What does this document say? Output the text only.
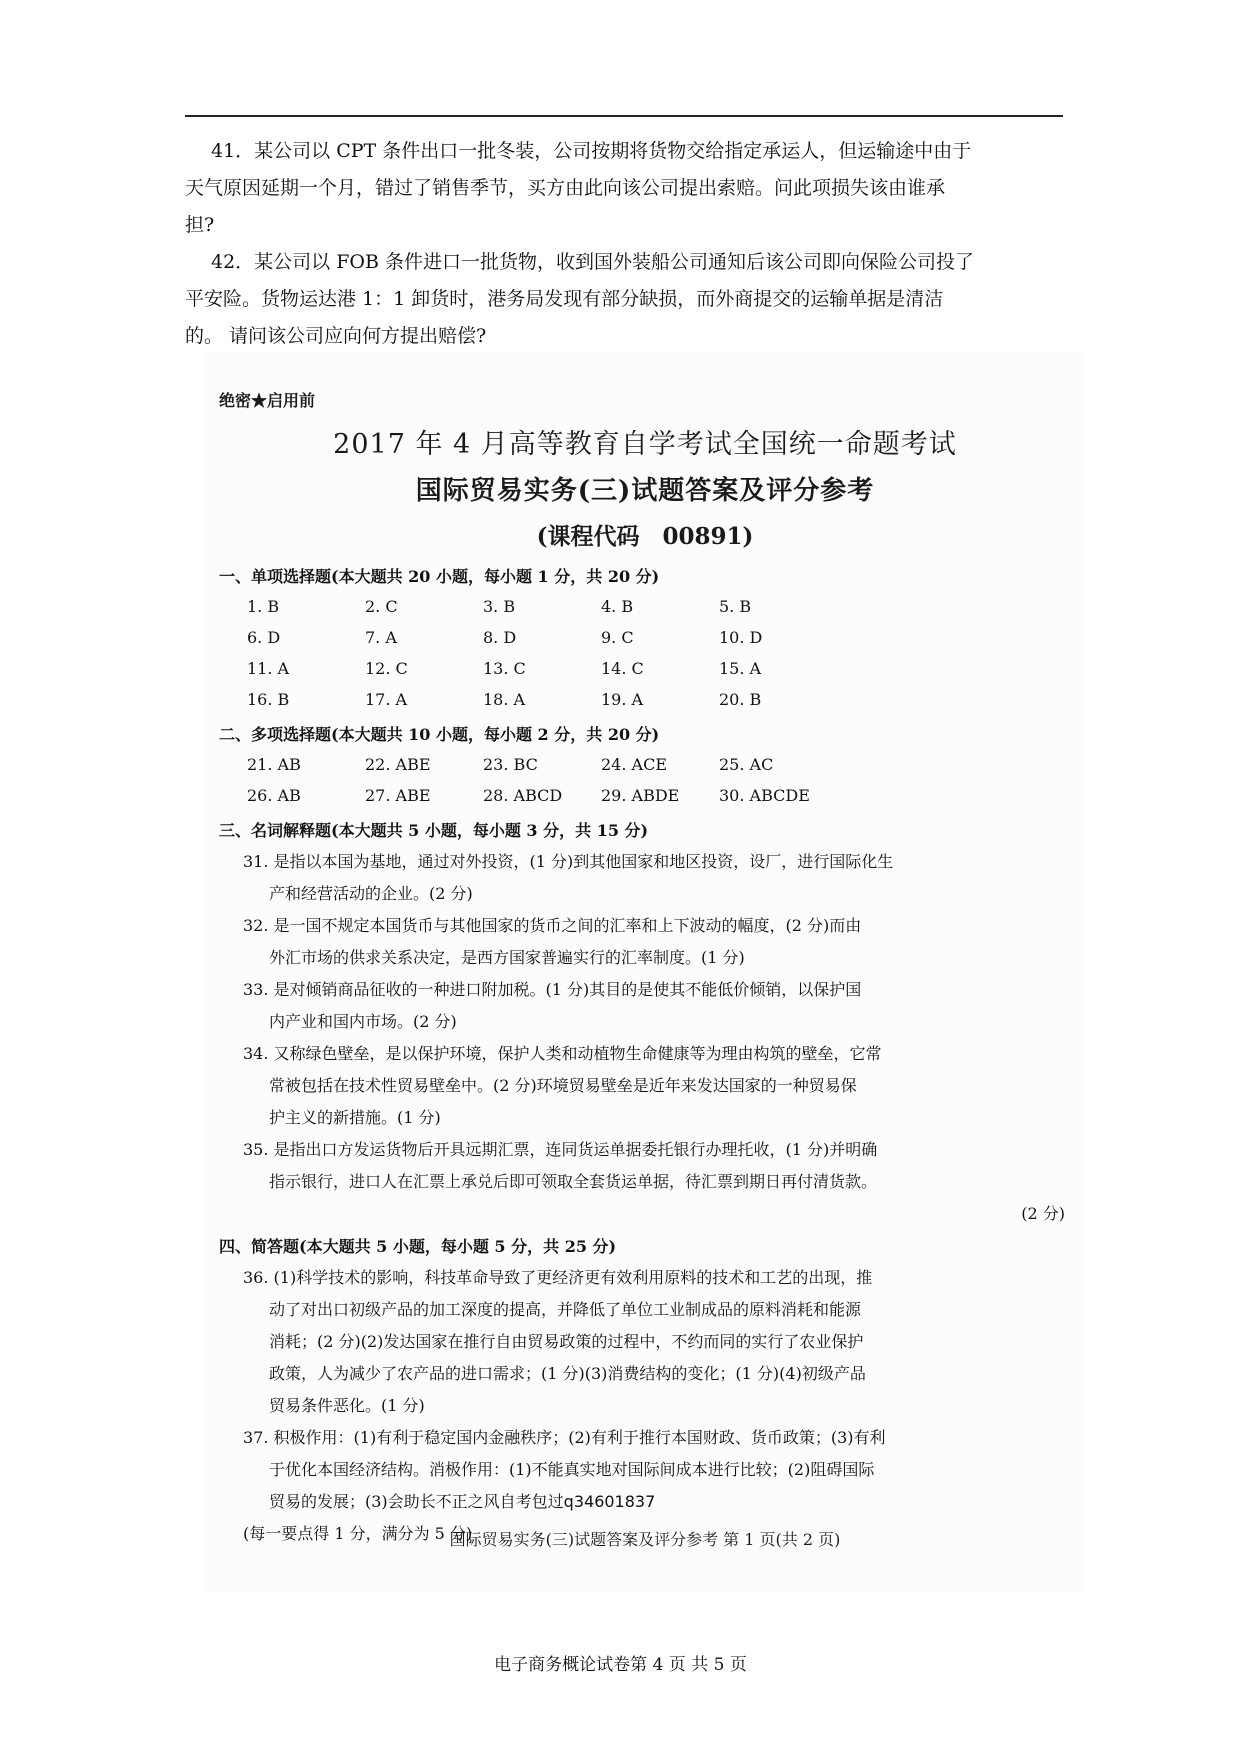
41．某公司以 CPT 条件出口一批冬装，公司按期将货物交给指定承运人，但运输途中由于
天气原因延期一个月，错过了销售季节，买方由此向该公司提出索赔。问此项损失该由谁承
担?
42．某公司以 FOB 条件进口一批货物，收到国外装船公司通知后该公司即向保险公司投了
平安险。货物运达港 1：1 卸货时，港务局发现有部分缺损，而外商提交的运输单据是清洁
的。 请问该公司应向何方提出赔偿?
绝密★启用前
2017 年 4 月高等教育自学考试全国统一命题考试
国际贸易实务(三)试题答案及评分参考
(课程代码　00891)
一、单项选择题(本大题共 20 小题，每小题 1 分，共 20 分)
1. B	2. C	3. B	4. B	5. B
6. D	7. A	8. D	9. C	10. D
11. A	12. C	13. C	14. C	15. A
16. B	17. A	18. A	19. A	20. B
二、多项选择题(本大题共 10 小题，每小题 2 分，共 20 分)
21. AB	22. ABE	23. BC	24. ACE	25. AC
26. AB	27. ABE	28. ABCD 29. ABDE 30. ABCDE
三、名词解释题(本大题共 5 小题，每小题 3 分，共 15 分)
31. 是指以本国为基地，通过对外投资，(1 分)到其他国家和地区投资，设厂，进行国际化生
产和经营活动的企业。(2 分)
32. 是一国不规定本国货币与其他国家的货币之间的汇率和上下波动的幅度，(2 分)而由
外汇市场的供求关系决定，是西方国家普遍实行的汇率制度。(1 分)
33. 是对倾销商品征收的一种进口附加税。(1 分)其目的是使其不能低价倾销，以保护国
内产业和国内市场。(2 分)
34. 又称绿色壁垒，是以保护环境，保护人类和动植物生命健康等为理由构筑的壁垒，它常
常被包括在技术性贸易壁垒中。(2 分)环境贸易壁垒是近年来发达国家的一种贸易保
护主义的新措施。(1 分)
35. 是指出口方发运货物后开具远期汇票，连同货运单据委托银行办理托收，(1 分)并明确
指示银行，进口人在汇票上承兑后即可领取全套货运单据，待汇票到期日再付清货款。
(2 分)
四、简答题(本大题共 5 小题，每小题 5 分，共 25 分)
36. (1)科学技术的影响，科技革命导致了更经济更有效利用原料的技术和工艺的出现，推
动了对出口初级产品的加工深度的提高，并降低了单位工业制成品的原料消耗和能源
消耗；(2 分)(2)发达国家在推行自由贸易政策的过程中，不约而同的实行了农业保护
政策，人为减少了农产品的进口需求；(1 分)(3)消费结构的变化；(1 分)(4)初级产品
贸易条件恶化。(1 分)
37. 积极作用：(1)有利于稳定国内金融秩序；(2)有利于推行本国财政、货币政策；(3)有利
于优化本国经济结构。消极作用：(1)不能真实地对国际间成本进行比较；(2)阻碍国际
贸易的发展；(3)会助长不正之风自考包过q34601837
(每一要点得 1 分，满分为 5 分)
国际贸易实务(三)试题答案及评分参考 第 1 页(共 2 页)
电子商务概论试卷第 4 页 共 5 页
